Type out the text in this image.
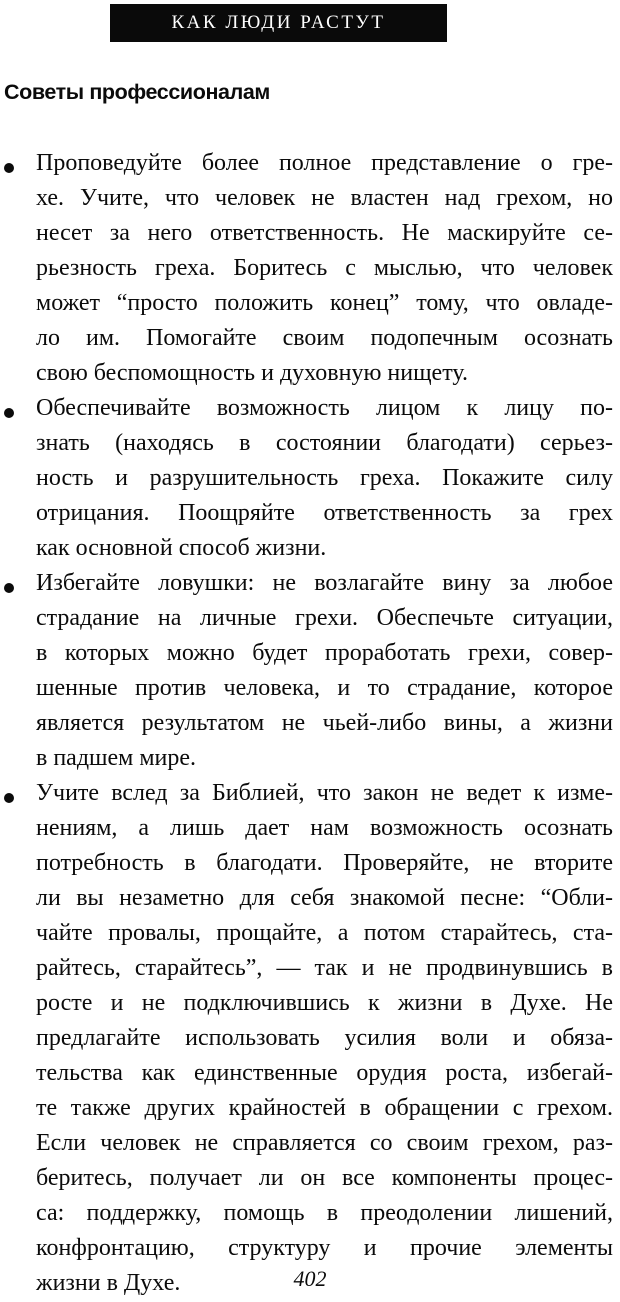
КАК ЛЮДИ РАСТУТ
Советы профессионалам
Проповедуйте более полное представление о гре-
хе. Учите, что человек не властен над грехом, но
несет за него ответственность. Не маскируйте се-
рьезность греха. Боритесь с мыслью, что человек
может “просто положить конец” тому, что овладе-
ло им. Помогайте своим подопечным осознать
свою беспомощность и духовную нищету.
Обеспечивайте возможность лицом к лицу по-
знать (находясь в состоянии благодати) серьез-
ность и разрушительность греха. Покажите силу
отрицания. Поощряйте ответственность за грех
как основной способ жизни.
Избегайте ловушки: не возлагайте вину за любое
страдание на личные грехи. Обеспечьте ситуации,
в которых можно будет проработать грехи, совер-
шенные против человека, и то страдание, которое
является результатом не чьей-либо вины, а жизни
в падшем мире.
Учите вслед за Библией, что закон не ведет к изме-
нениям, а лишь дает нам возможность осознать
потребность в благодати. Проверяйте, не вторите
ли вы незаметно для себя знакомой песне: “Обли-
чайте провалы, прощайте, а потом старайтесь, ста-
райтесь, старайтесь”, — так и не продвинувшись в
росте и не подключившись к жизни в Духе. Не
предлагайте использовать усилия воли и обяза-
тельства как единственные орудия роста, избегай-
те также других крайностей в обращении с грехом.
Если человек не справляется со своим грехом, раз-
беритесь, получает ли он все компоненты процес-
са: поддержку, помощь в преодолении лишений,
конфронтацию, структуру и прочие элементы
жизни в Духе.	402
